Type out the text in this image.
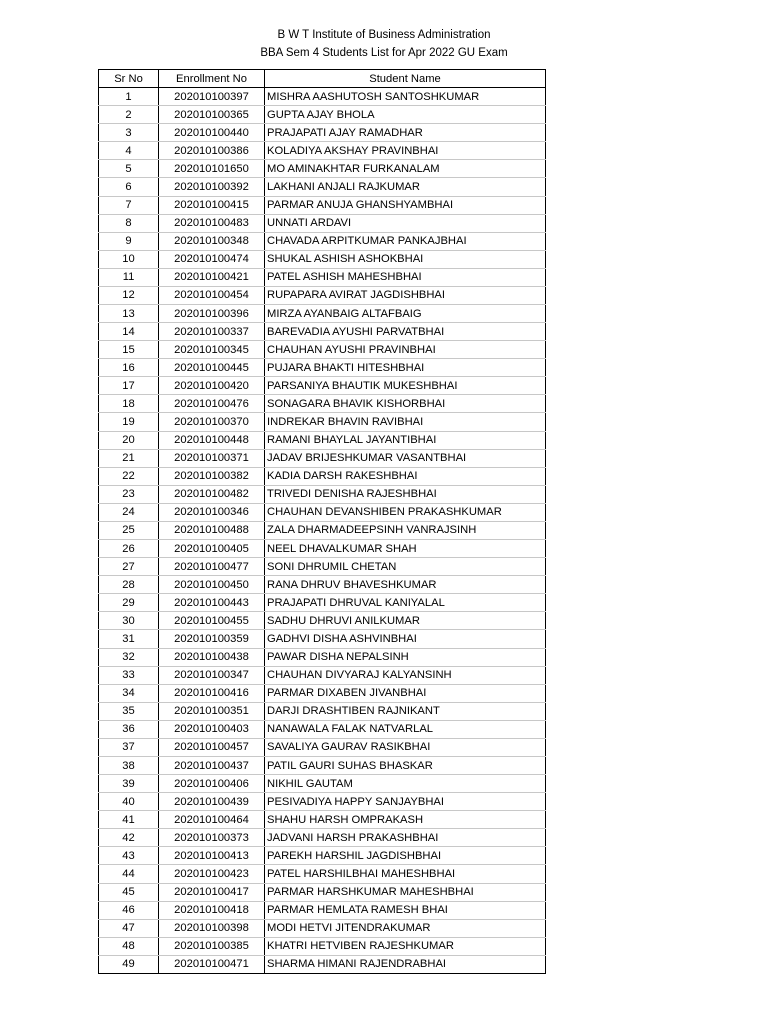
B W T Institute of Business Administration
BBA Sem 4 Students List for Apr 2022 GU Exam
Sr No	Enrollment No	Student Name
1	202010100397	MISHRA AASHUTOSH SANTOSHKUMAR
2	202010100365	GUPTA AJAY BHOLA
3	202010100440	PRAJAPATI AJAY RAMADHAR
4	202010100386	KOLADIYA AKSHAY PRAVINBHAI
5	202010101650	MO AMINAKHTAR FURKANALAM
6	202010100392	LAKHANI ANJALI RAJKUMAR
7	202010100415	PARMAR ANUJA GHANSHYAMBHAI
8	202010100483	UNNATI ARDAVI
9	202010100348	CHAVADA ARPITKUMAR PANKAJBHAI
10	202010100474	SHUKAL ASHISH ASHOKBHAI
11	202010100421	PATEL ASHISH MAHESHBHAI
12	202010100454	RUPAPARA AVIRAT JAGDISHBHAI
13	202010100396	MIRZA AYANBAIG ALTAFBAIG
14	202010100337	BAREVADIA AYUSHI PARVATBHAI
15	202010100345	CHAUHAN AYUSHI PRAVINBHAI
16	202010100445	PUJARA BHAKTI HITESHBHAI
17	202010100420	PARSANIYA BHAUTIK MUKESHBHAI
18	202010100476	SONAGARA BHAVIK KISHORBHAI
19	202010100370	INDREKAR BHAVIN RAVIBHAI
20	202010100448	RAMANI BHAYLAL JAYANTIBHAI
21	202010100371	JADAV BRIJESHKUMAR VASANTBHAI
22	202010100382	KADIA DARSH RAKESHBHAI
23	202010100482	TRIVEDI DENISHA RAJESHBHAI
24	202010100346	CHAUHAN DEVANSHIBEN PRAKASHKUMAR
25	202010100488	ZALA DHARMADEEPSINH VANRAJSINH
26	202010100405	NEEL DHAVALKUMAR SHAH
27	202010100477	SONI DHRUMIL CHETAN
28	202010100450	RANA DHRUV BHAVESHKUMAR
29	202010100443	PRAJAPATI DHRUVAL KANIYALAL
30	202010100455	SADHU DHRUVI ANILKUMAR
31	202010100359	GADHVI DISHA ASHVINBHAI
32	202010100438	PAWAR DISHA NEPALSINH
33	202010100347	CHAUHAN DIVYARAJ KALYANSINH
34	202010100416	PARMAR DIXABEN JIVANBHAI
35	202010100351	DARJI DRASHTIBEN RAJNIKANT
36	202010100403	NANAWALA FALAK NATVARLAL
37	202010100457	SAVALIYA GAURAV RASIKBHAI
38	202010100437	PATIL GAURI SUHAS BHASKAR
39	202010100406	NIKHIL GAUTAM
40	202010100439	PESIVADIYA HAPPY SANJAYBHAI
41	202010100464	SHAHU HARSH OMPRAKASH
42	202010100373	JADVANI HARSH PRAKASHBHAI
43	202010100413	PAREKH HARSHIL JAGDISHBHAI
44	202010100423	PATEL HARSHILBHAI MAHESHBHAI
45	202010100417	PARMAR HARSHKUMAR MAHESHBHAI
46	202010100418	PARMAR HEMLATA RAMESH BHAI
47	202010100398	MODI HETVI JITENDRAKUMAR
48	202010100385	KHATRI HETVIBEN RAJESHKUMAR
49	202010100471	SHARMA HIMANI RAJENDRABHAI
